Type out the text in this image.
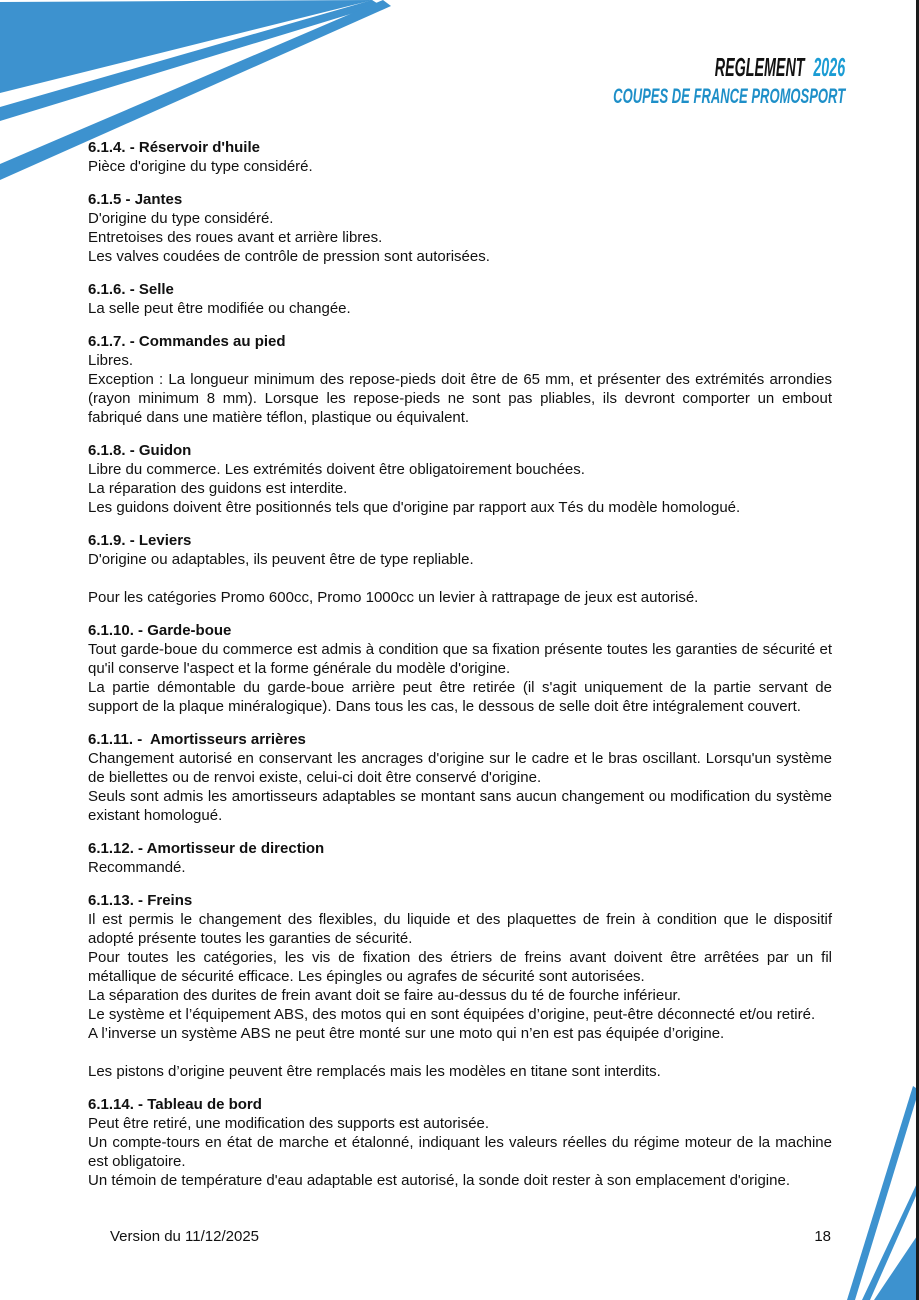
REGLEMENT 2026
COUPES DE FRANCE PROMOSPORT
6.1.4. - Réservoir d'huile
Pièce d'origine du type considéré.
6.1.5 - Jantes
D'origine du type considéré.
Entretoises des roues avant et arrière libres.
Les valves coudées de contrôle de pression sont autorisées.
6.1.6. - Selle
La selle peut être modifiée ou changée.
6.1.7. - Commandes au pied
Libres.
Exception : La longueur minimum des repose-pieds doit être de 65 mm, et présenter des extrémités arrondies (rayon minimum 8 mm). Lorsque les repose-pieds ne sont pas pliables, ils devront comporter un embout fabriqué dans une matière téflon, plastique ou équivalent.
6.1.8. - Guidon
Libre du commerce. Les extrémités doivent être obligatoirement bouchées.
La réparation des guidons est interdite.
Les guidons doivent être positionnés tels que d'origine par rapport aux Tés du modèle homologué.
6.1.9. - Leviers
D'origine ou adaptables, ils peuvent être de type repliable.
Pour les catégories Promo 600cc, Promo 1000cc un levier à rattrapage de jeux est autorisé.
6.1.10. - Garde-boue
Tout garde-boue du commerce est admis à condition que sa fixation présente toutes les garanties de sécurité et qu'il conserve l'aspect et la forme générale du modèle d'origine.
La partie démontable du garde-boue arrière peut être retirée (il s'agit uniquement de la partie servant de support de la plaque minéralogique). Dans tous les cas, le dessous de selle doit être intégralement couvert.
6.1.11. -  Amortisseurs arrières
Changement autorisé en conservant les ancrages d'origine sur le cadre et le bras oscillant. Lorsqu'un système de biellettes ou de renvoi existe, celui-ci doit être conservé d'origine.
Seuls sont admis les amortisseurs adaptables se montant sans aucun changement ou modification du système existant homologué.
6.1.12. - Amortisseur de direction
Recommandé.
6.1.13. - Freins
Il est permis le changement des flexibles, du liquide et des plaquettes de frein à condition que le dispositif adopté présente toutes les garanties de sécurité.
Pour toutes les catégories, les vis de fixation des étriers de freins avant doivent être arrêtées par un fil métallique de sécurité efficace. Les épingles ou agrafes de sécurité sont autorisées.
La séparation des durites de frein avant doit se faire au-dessus du té de fourche inférieur.
Le système et l’équipement ABS, des motos qui en sont équipées d’origine, peut-être déconnecté et/ou retiré.
A l’inverse un système ABS ne peut être monté sur une moto qui n’en est pas équipée d’origine.
Les pistons d’origine peuvent être remplacés mais les modèles en titane sont interdits.
6.1.14. - Tableau de bord
Peut être retiré, une modification des supports est autorisée.
Un compte-tours en état de marche et étalonné, indiquant les valeurs réelles du régime moteur de la machine est obligatoire.
Un témoin de température d'eau adaptable est autorisé, la sonde doit rester à son emplacement d'origine.
Version du 11/12/2025	18
